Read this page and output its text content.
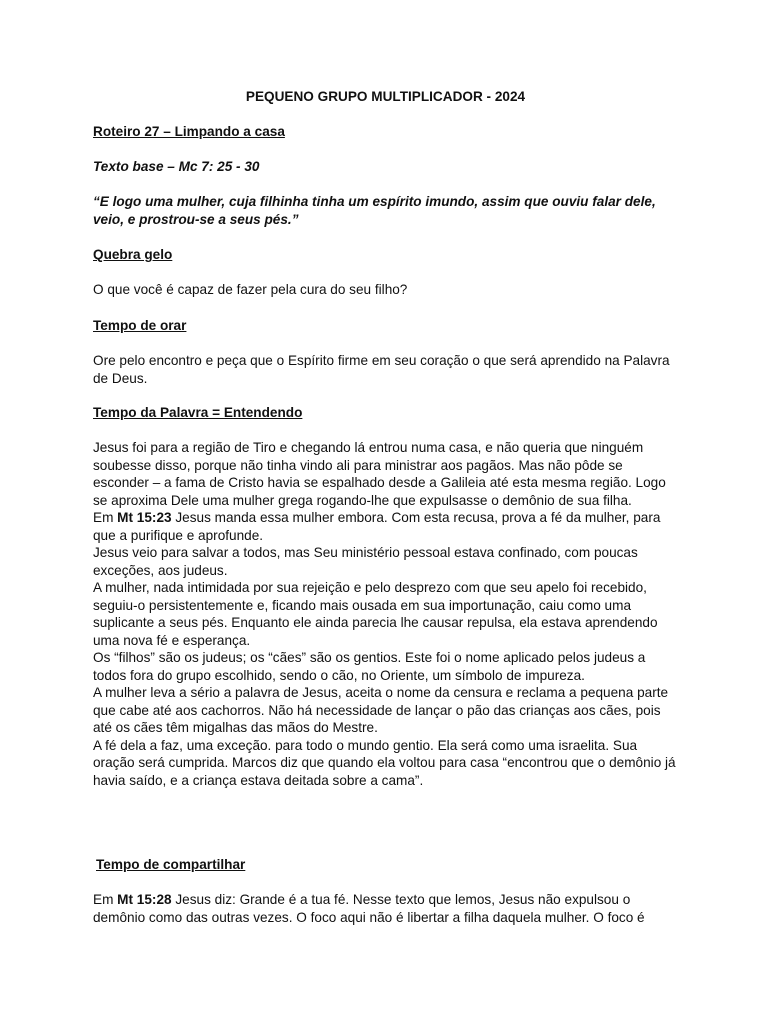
PEQUENO GRUPO MULTIPLICADOR - 2024
Roteiro 27 – Limpando a casa
Texto base – Mc 7: 25 - 30
“E logo uma mulher, cuja filhinha tinha um espírito imundo, assim que ouviu falar dele, veio, e prostrou-se a seus pés.”
Quebra gelo
O que você é capaz de fazer pela cura do seu filho?
Tempo de orar
Ore pelo encontro e peça que o Espírito firme em seu coração o que será aprendido na Palavra de Deus.
Tempo da Palavra = Entendendo

Jesus foi para a região de Tiro e chegando lá entrou numa casa, e não queria que ninguém soubesse disso, porque não tinha vindo ali para ministrar aos pagãos. Mas não pôde se esconder – a fama de Cristo havia se espalhado desde a Galileia até esta mesma região. Logo se aproxima Dele uma mulher grega rogando-lhe que expulsasse o demônio de sua filha.

Em Mt 15:23 Jesus manda essa mulher embora. Com esta recusa, prova a fé da mulher, para que a purifique e aprofunde.

Jesus veio para salvar a todos, mas Seu ministério pessoal estava confinado, com poucas exceções, aos judeus.

A mulher, nada intimidada por sua rejeição e pelo desprezo com que seu apelo foi recebido, seguiu-o persistentemente e, ficando mais ousada em sua importunação, caiu como uma suplicante a seus pés. Enquanto ele ainda parecia lhe causar repulsa, ela estava aprendendo uma nova fé e esperança.

Os “filhos” são os judeus; os “cães” são os gentios. Este foi o nome aplicado pelos judeus a todos fora do grupo escolhido, sendo o cão, no Oriente, um símbolo de impureza.

A mulher leva a sério a palavra de Jesus, aceita o nome da censura e reclama a pequena parte que cabe até aos cachorros. Não há necessidade de lançar o pão das crianças aos cães, pois até os cães têm migalhas das mãos do Mestre.

A fé dela a faz, uma exceção. para todo o mundo gentio. Ela será como uma israelita. Sua oração será cumprida. Marcos diz que quando ela voltou para casa “encontrou que o demônio já havia saído, e a criança estava deitada sobre a cama”.

Tempo de compartilhar
Em Mt 15:28 Jesus diz: Grande é a tua fé. Nesse texto que lemos, Jesus não expulsou o demônio como das outras vezes. O foco aqui não é libertar a filha daquela mulher. O foco é
